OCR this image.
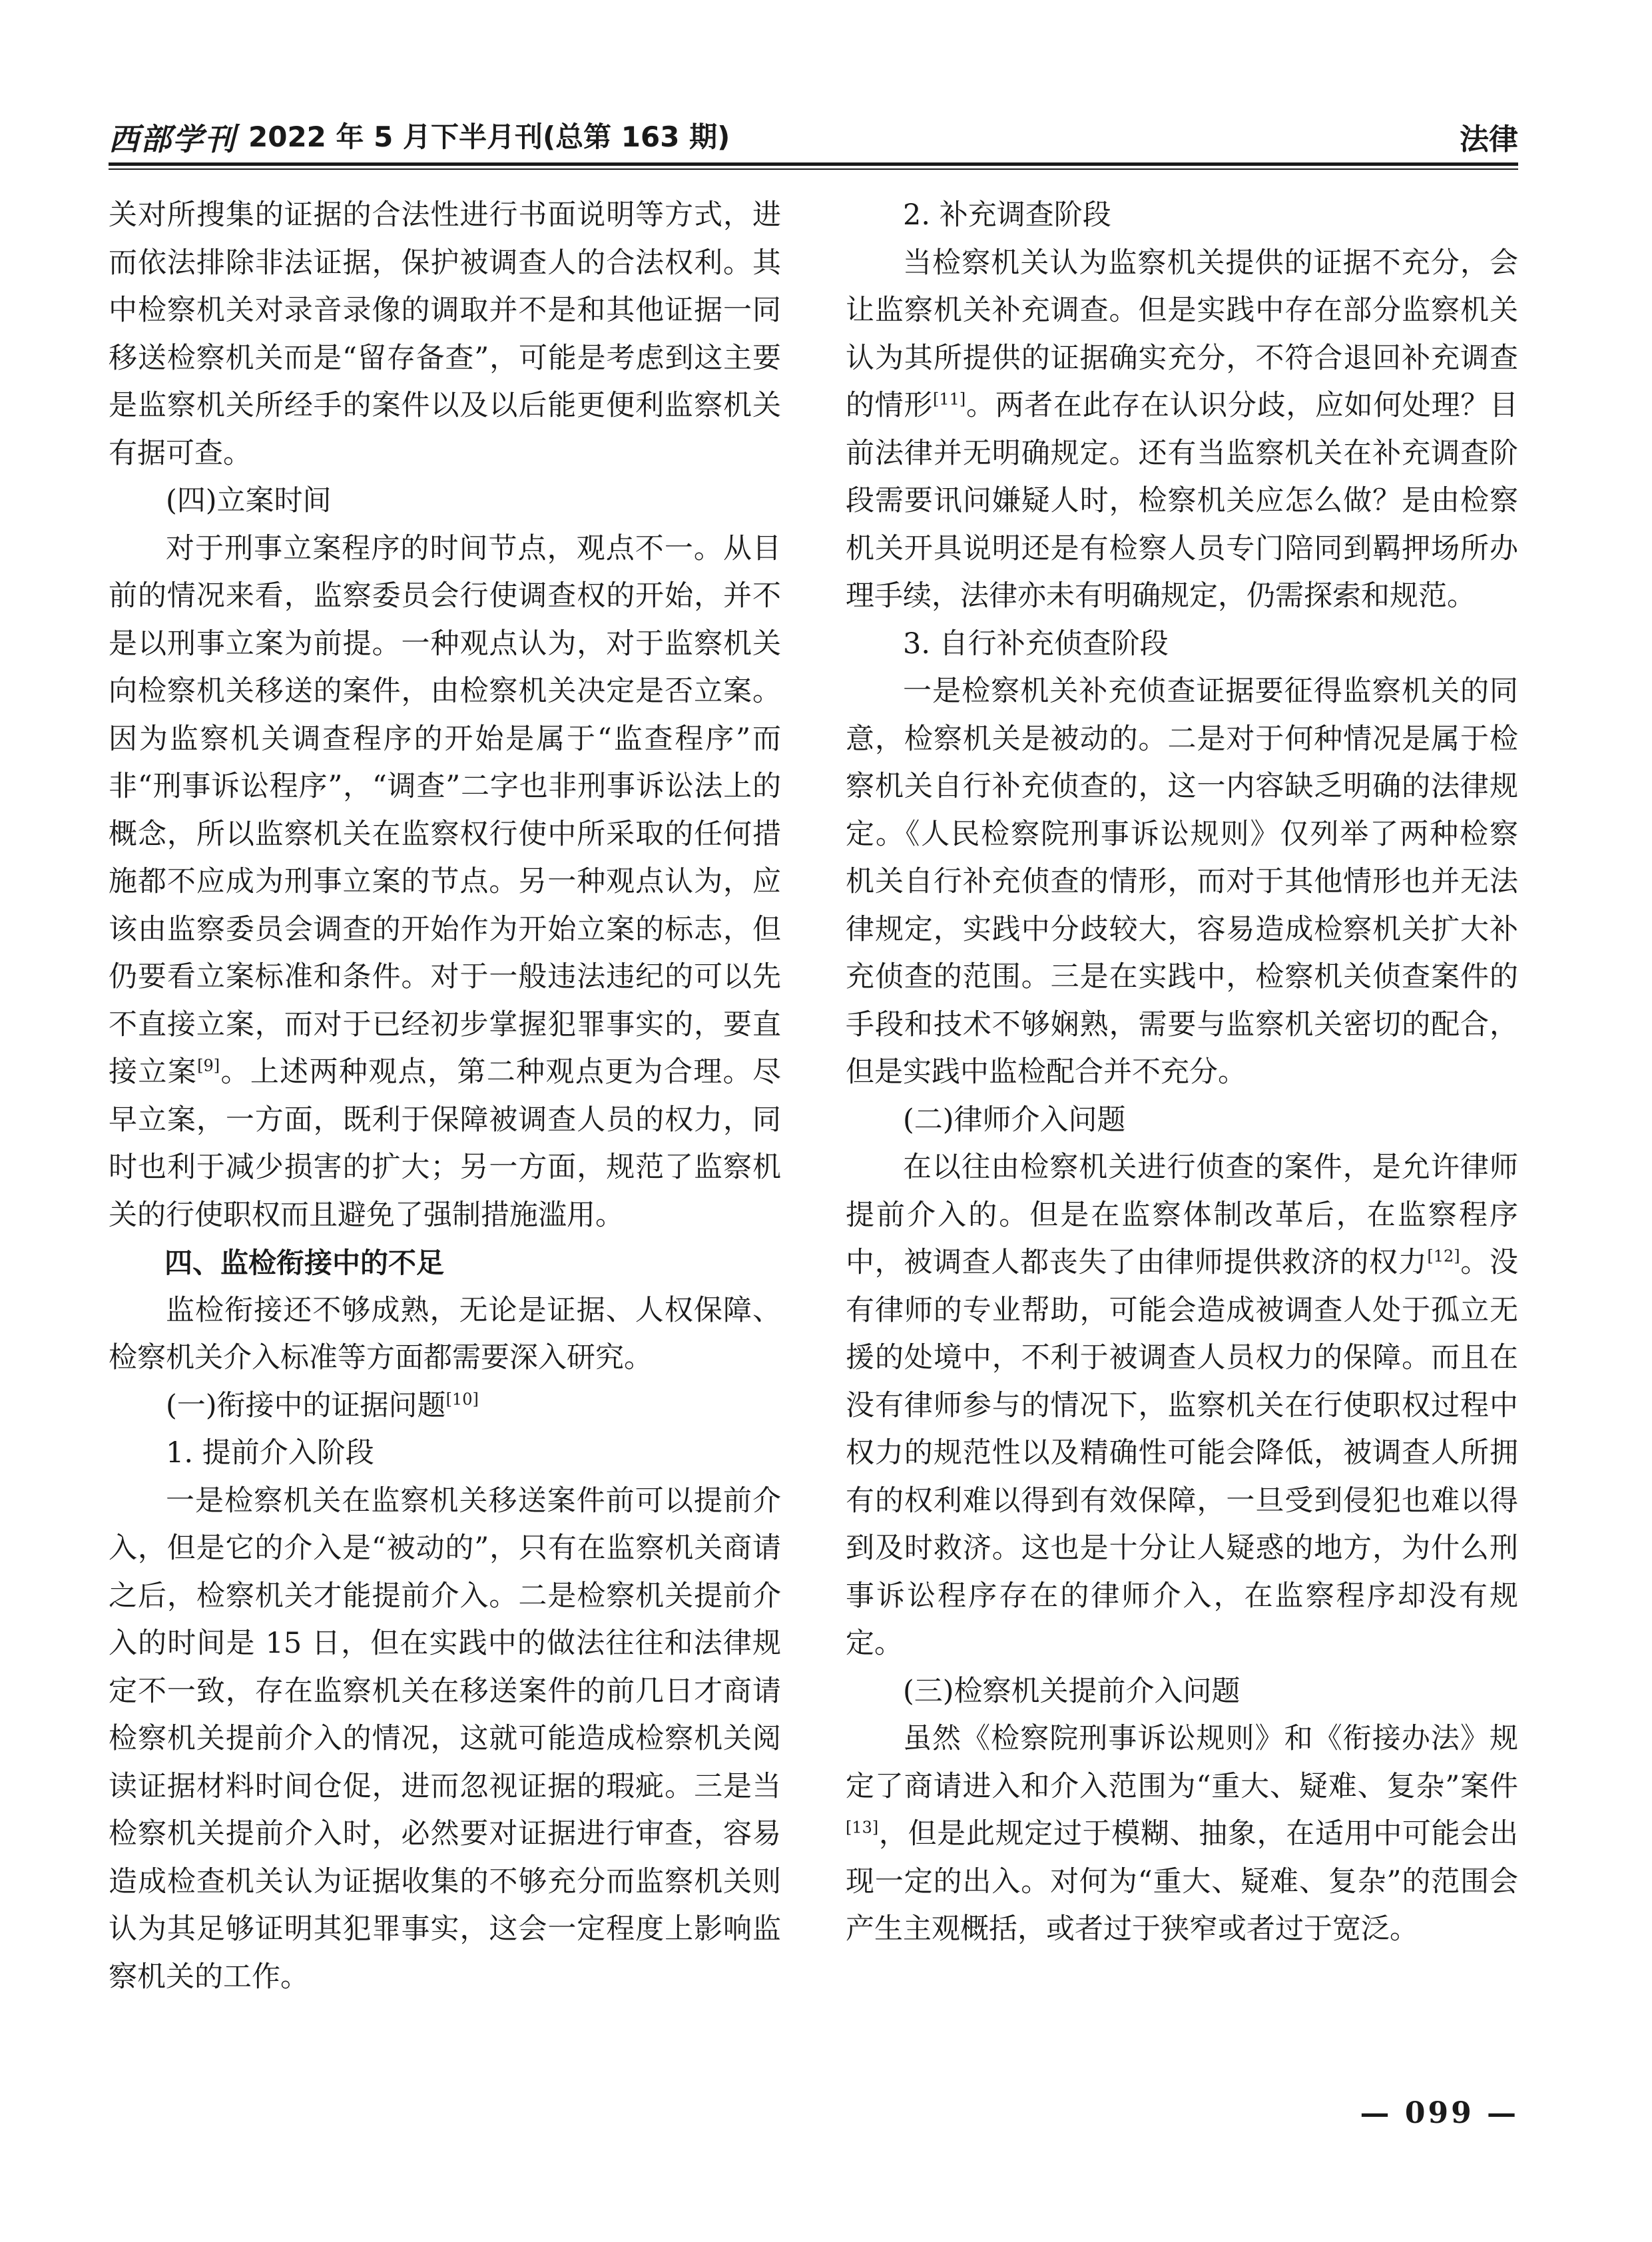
西部学刊 2022 年 5 月下半月刊(总第 163 期)	法律
关对所搜集的证据的合法性进行书面说明等方式，进而依法排除非法证据，保护被调查人的合法权利。其中检察机关对录音录像的调取并不是和其他证据一同移送检察机关而是“留存备查”，可能是考虑到这主要是监察机关所经手的案件以及以后能更便利监察机关有据可查。
(四)立案时间
对于刑事立案程序的时间节点，观点不一。从目前的情况来看，监察委员会行使调查权的开始，并不是以刑事立案为前提。一种观点认为，对于监察机关向检察机关移送的案件，由检察机关决定是否立案。因为监察机关调查程序的开始是属于“监查程序”而非“刑事诉讼程序”，“调查”二字也非刑事诉讼法上的概念，所以监察机关在监察权行使中所采取的任何措施都不应成为刑事立案的节点。另一种观点认为，应该由监察委员会调查的开始作为开始立案的标志，但仍要看立案标准和条件。对于一般违法违纪的可以先不直接立案，而对于已经初步掌握犯罪事实的，要直接立案[9]。上述两种观点，第二种观点更为合理。尽早立案，一方面，既利于保障被调查人员的权力，同时也利于减少损害的扩大；另一方面，规范了监察机关的行使职权而且避免了强制措施滥用。
四、监检衔接中的不足
监检衔接还不够成熟，无论是证据、人权保障、检察机关介入标准等方面都需要深入研究。
(一)衔接中的证据问题[10]
1. 提前介入阶段
一是检察机关在监察机关移送案件前可以提前介入，但是它的介入是“被动的”，只有在监察机关商请之后，检察机关才能提前介入。二是检察机关提前介入的时间是 15 日，但在实践中的做法往往和法律规定不一致，存在监察机关在移送案件的前几日才商请检察机关提前介入的情况，这就可能造成检察机关阅读证据材料时间仓促，进而忽视证据的瑕疵。三是当检察机关提前介入时，必然要对证据进行审查，容易造成检查机关认为证据收集的不够充分而监察机关则认为其足够证明其犯罪事实，这会一定程度上影响监察机关的工作。
2. 补充调查阶段
当检察机关认为监察机关提供的证据不充分，会让监察机关补充调查。但是实践中存在部分监察机关认为其所提供的证据确实充分，不符合退回补充调查的情形[11]。两者在此存在认识分歧，应如何处理？目前法律并无明确规定。还有当监察机关在补充调查阶段需要讯问嫌疑人时，检察机关应怎么做？是由检察机关开具说明还是有检察人员专门陪同到羁押场所办理手续，法律亦未有明确规定，仍需探索和规范。
3. 自行补充侦查阶段
一是检察机关补充侦查证据要征得监察机关的同意，检察机关是被动的。二是对于何种情况是属于检察机关自行补充侦查的，这一内容缺乏明确的法律规定。《人民检察院刑事诉讼规则》仅列举了两种检察机关自行补充侦查的情形，而对于其他情形也并无法律规定，实践中分歧较大，容易造成检察机关扩大补充侦查的范围。三是在实践中，检察机关侦查案件的手段和技术不够娴熟，需要与监察机关密切的配合，但是实践中监检配合并不充分。
(二)律师介入问题
在以往由检察机关进行侦查的案件，是允许律师提前介入的。但是在监察体制改革后，在监察程序中，被调查人都丧失了由律师提供救济的权力[12]。没有律师的专业帮助，可能会造成被调查人处于孤立无援的处境中，不利于被调查人员权力的保障。而且在没有律师参与的情况下，监察机关在行使职权过程中权力的规范性以及精确性可能会降低，被调查人所拥有的权利难以得到有效保障，一旦受到侵犯也难以得到及时救济。这也是十分让人疑惑的地方，为什么刑事诉讼程序存在的律师介入，在监察程序却没有规定。
(三)检察机关提前介入问题
虽然《检察院刑事诉讼规则》和《衔接办法》规定了商请进入和介入范围为“重大、疑难、复杂”案件[13]，但是此规定过于模糊、抽象，在适用中可能会出现一定的出入。对何为“重大、疑难、复杂”的范围会产生主观概括，或者过于狭窄或者过于宽泛。
— 099 —
